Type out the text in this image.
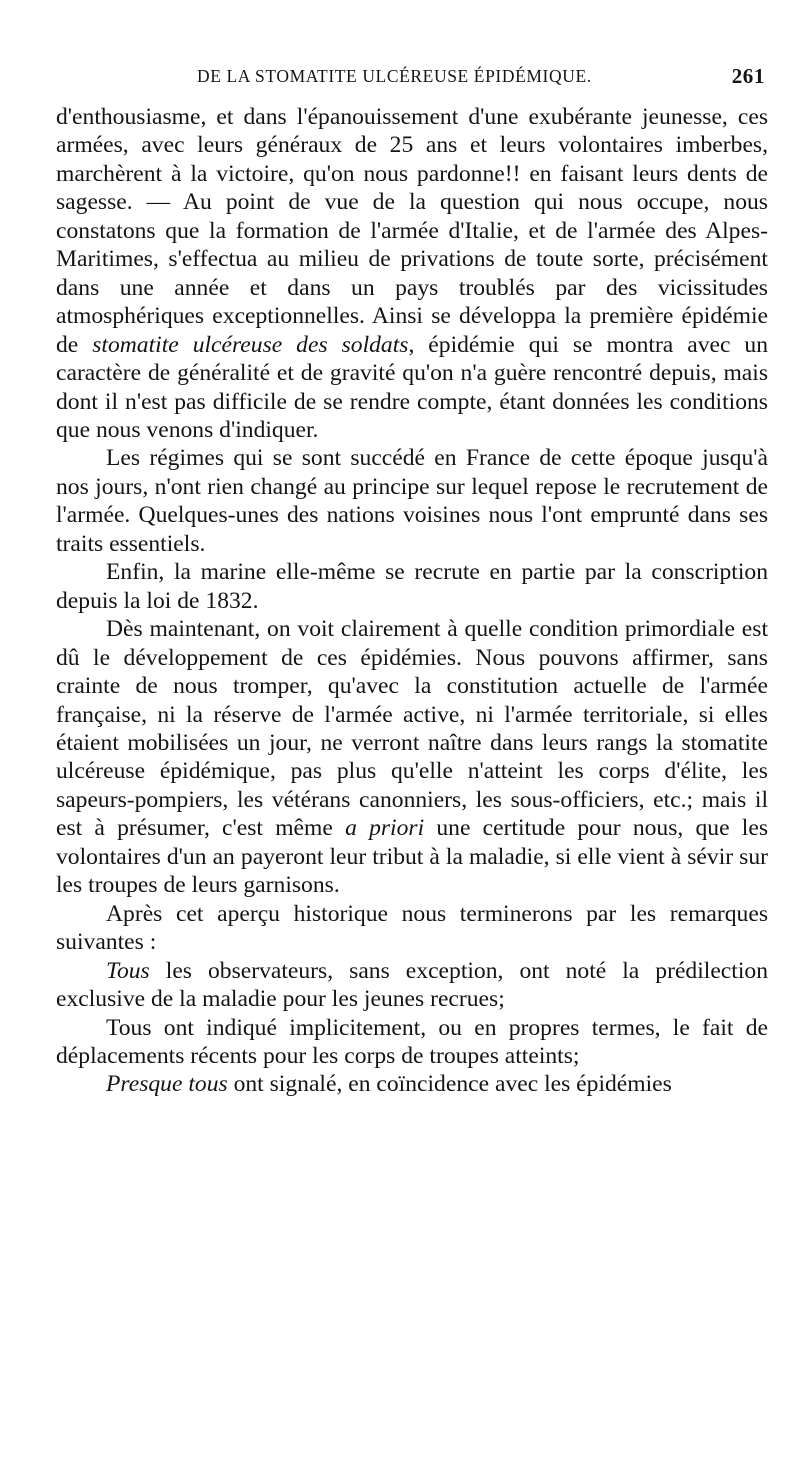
DE LA STOMATITE ULCÉREUSE ÉPIDÉMIQUE.	261

d'enthousiasme, et dans l'épanouissement d'une exubérante jeunesse, ces armées, avec leurs généraux de 25 ans et leurs volontaires imberbes, marchèrent à la victoire, qu'on nous pardonne!! en faisant leurs dents de sagesse. — Au point de vue de la question qui nous occupe, nous constatons que la formation de l'armée d'Italie, et de l'armée des Alpes-Maritimes, s'effectua au milieu de privations de toute sorte, précisément dans une année et dans un pays troublés par des vicissitudes atmosphériques exceptionnelles. Ainsi se développa la première épidémie de stomatite ulcéreuse des soldats, épidémie qui se montra avec un caractère de généralité et de gravité qu'on n'a guère rencontré depuis, mais dont il n'est pas difficile de se rendre compte, étant données les conditions que nous venons d'indiquer.

Les régimes qui se sont succédé en France de cette époque jusqu'à nos jours, n'ont rien changé au principe sur lequel repose le recrutement de l'armée. Quelques-unes des nations voisines nous l'ont emprunté dans ses traits essentiels.

Enfin, la marine elle-même se recrute en partie par la conscription depuis la loi de 1832.

Dès maintenant, on voit clairement à quelle condition primordiale est dû le développement de ces épidémies. Nous pouvons affirmer, sans crainte de nous tromper, qu'avec la constitution actuelle de l'armée française, ni la réserve de l'armée active, ni l'armée territoriale, si elles étaient mobilisées un jour, ne verront naître dans leurs rangs la stomatite ulcéreuse épidémique, pas plus qu'elle n'atteint les corps d'élite, les sapeurs-pompiers, les vétérans canonniers, les sous-officiers, etc.; mais il est à présumer, c'est même a priori une certitude pour nous, que les volontaires d'un an payeront leur tribut à la maladie, si elle vient à sévir sur les troupes de leurs garnisons.

Après cet aperçu historique nous terminerons par les remarques suivantes :

Tous les observateurs, sans exception, ont noté la prédilection exclusive de la maladie pour les jeunes recrues;

Tous ont indiqué implicitement, ou en propres termes, le fait de déplacements récents pour les corps de troupes atteints;

Presque tous ont signalé, en coïncidence avec les épidémies
